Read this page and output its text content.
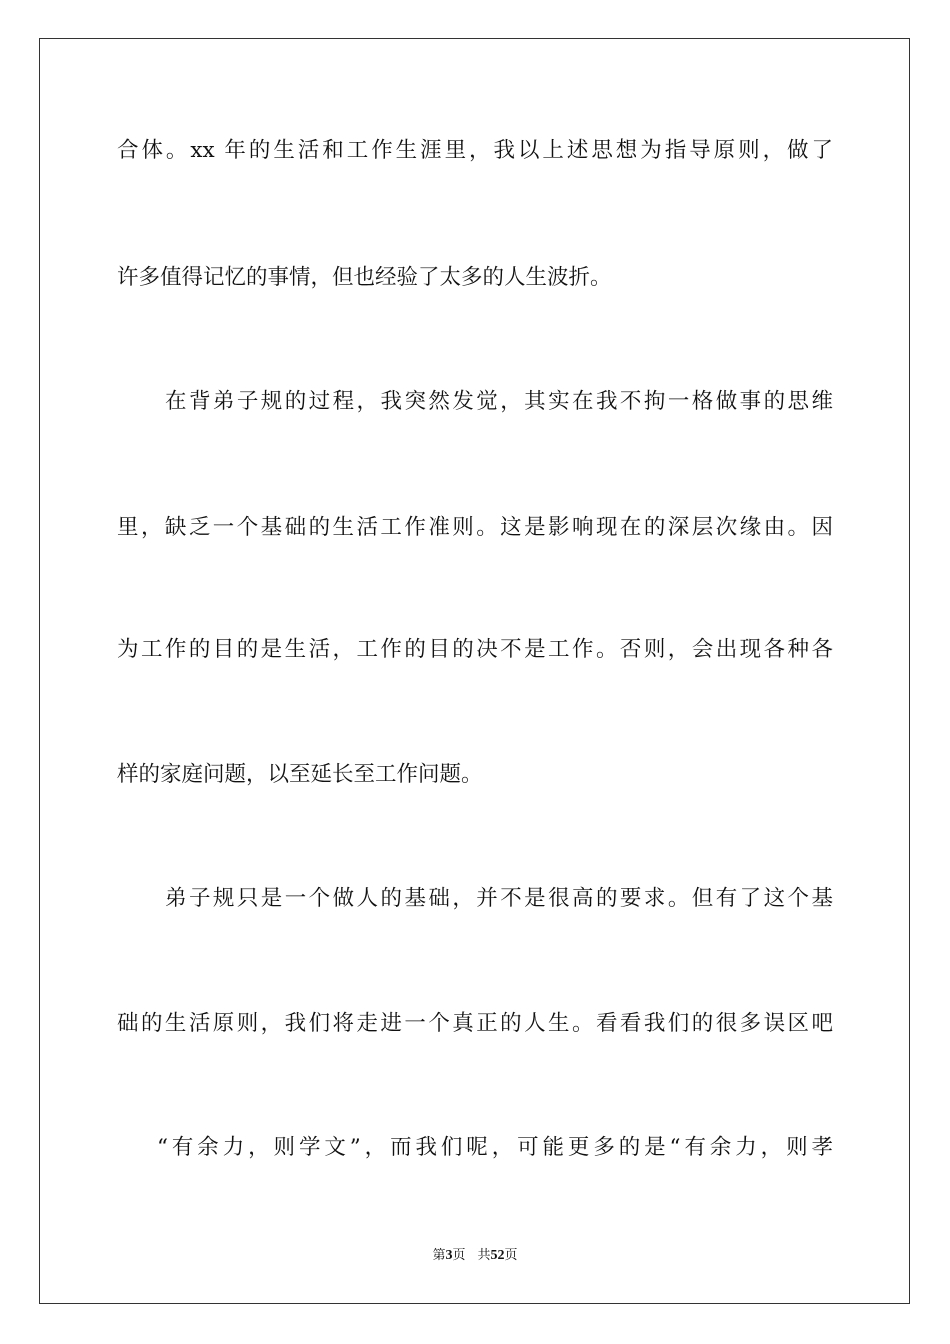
合体。xx 年的生活和工作生涯里，我以上述思想为指导原则，做了
许多值得记忆的事情，但也经验了太多的人生波折。
在背弟子规的过程，我突然发觉，其实在我不拘一格做事的思维
里，缺乏一个基础的生活工作准则。这是影响现在的深层次缘由。因
为工作的目的是生活，工作的目的决不是工作。否则，会出现各种各
样的家庭问题，以至延长至工作问题。
弟子规只是一个做人的基础，并不是很高的要求。但有了这个基
础的生活原则，我们将走进一个真正的人生。看看我们的很多误区吧
“有余力，则学文”，而我们呢，可能更多的是“有余力，则孝
第3页 共52页
